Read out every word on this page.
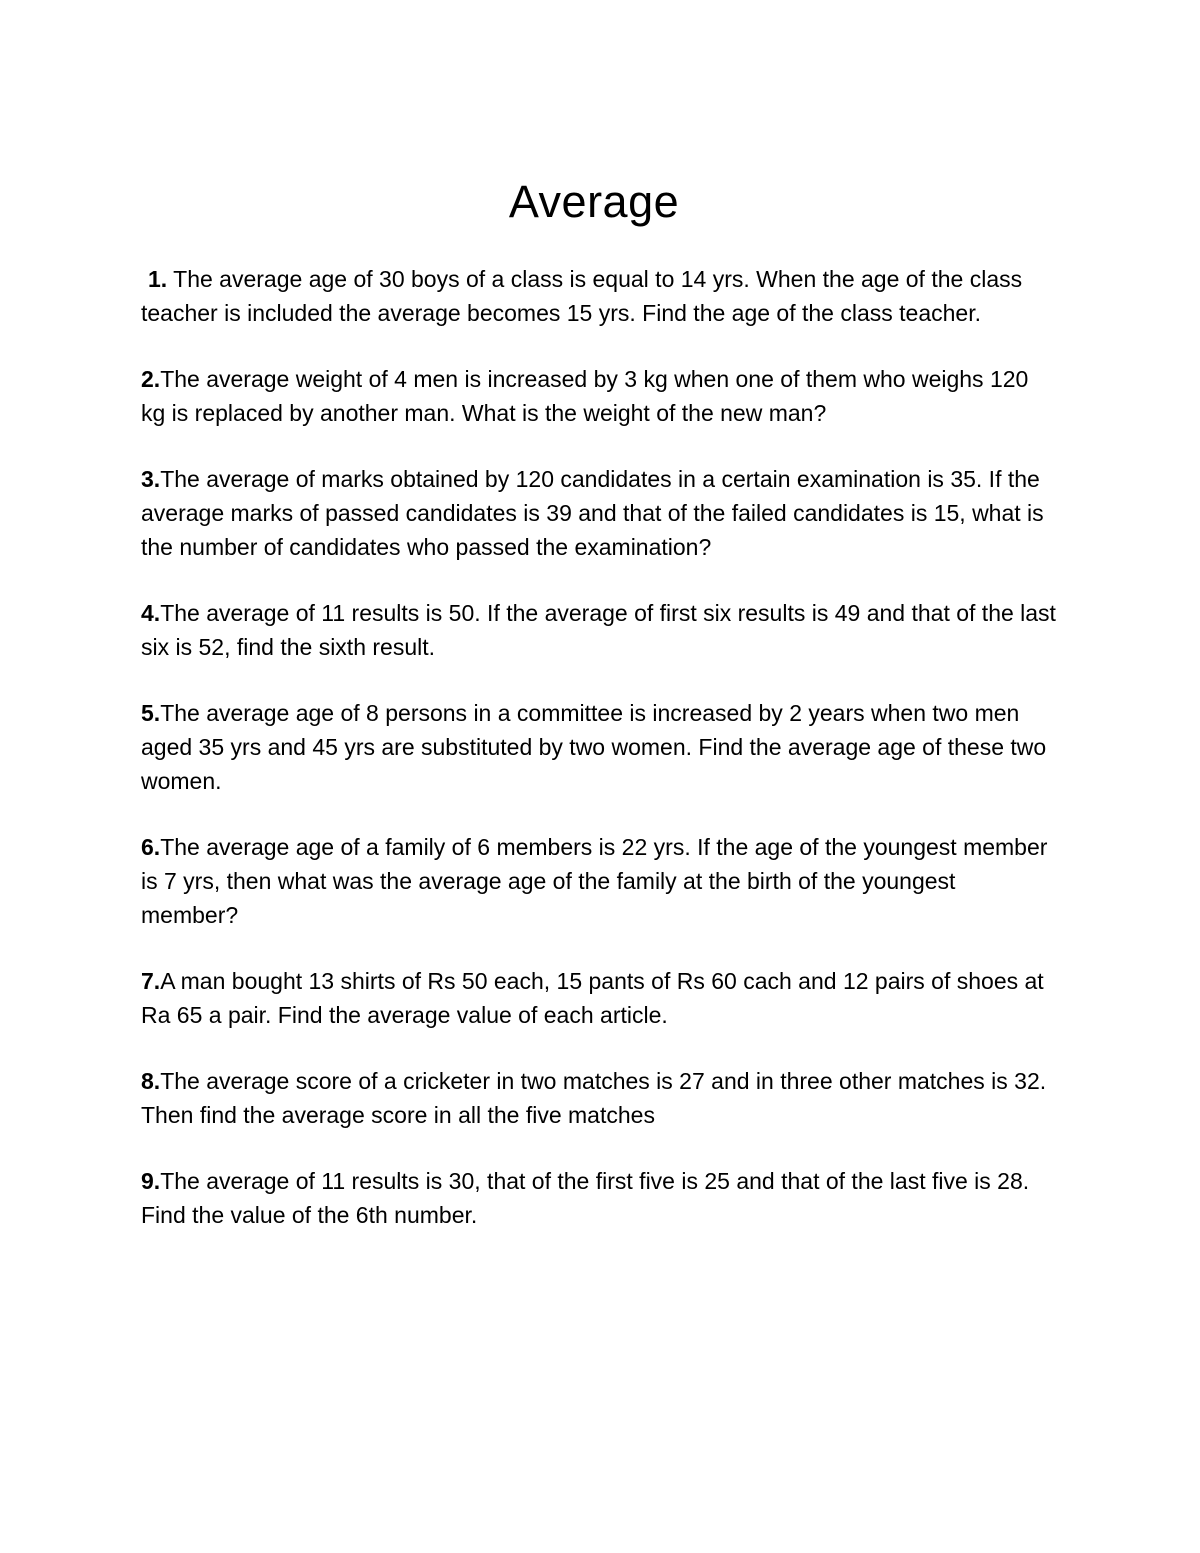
Average
1. The average age of 30 boys of a class is equal to 14 yrs. When the age of the class teacher is included the average becomes 15 yrs. Find the age of the class teacher.
2.The average weight of 4 men is increased by 3 kg when one of them who weighs 120 kg is replaced by another man. What is the weight of the new man?
3.The average of marks obtained by 120 candidates in a certain examination is 35. If the average marks of passed candidates is 39 and that of the failed candidates is 15, what is the number of candidates who passed the examination?
4.The average of 11 results is 50. If the average of first six results is 49 and that of the last six is 52, find the sixth result.
5.The average age of 8 persons in a committee is increased by 2 years when two men aged 35 yrs and 45 yrs are substituted by two women. Find the average age of these two women.
6.The average age of a family of 6 members is 22 yrs. If the age of the youngest member is 7 yrs, then what was the average age of the family at the birth of the youngest member?
7.A man bought 13 shirts of Rs 50 each, 15 pants of Rs 60 cach and 12 pairs of shoes at Ra 65 a pair. Find the average value of each article.
8.The average score of a cricketer in two matches is 27 and in three other matches is 32. Then find the average score in all the five matches
9.The average of 11 results is 30, that of the first five is 25 and that of the last five is 28. Find the value of the 6th number.
